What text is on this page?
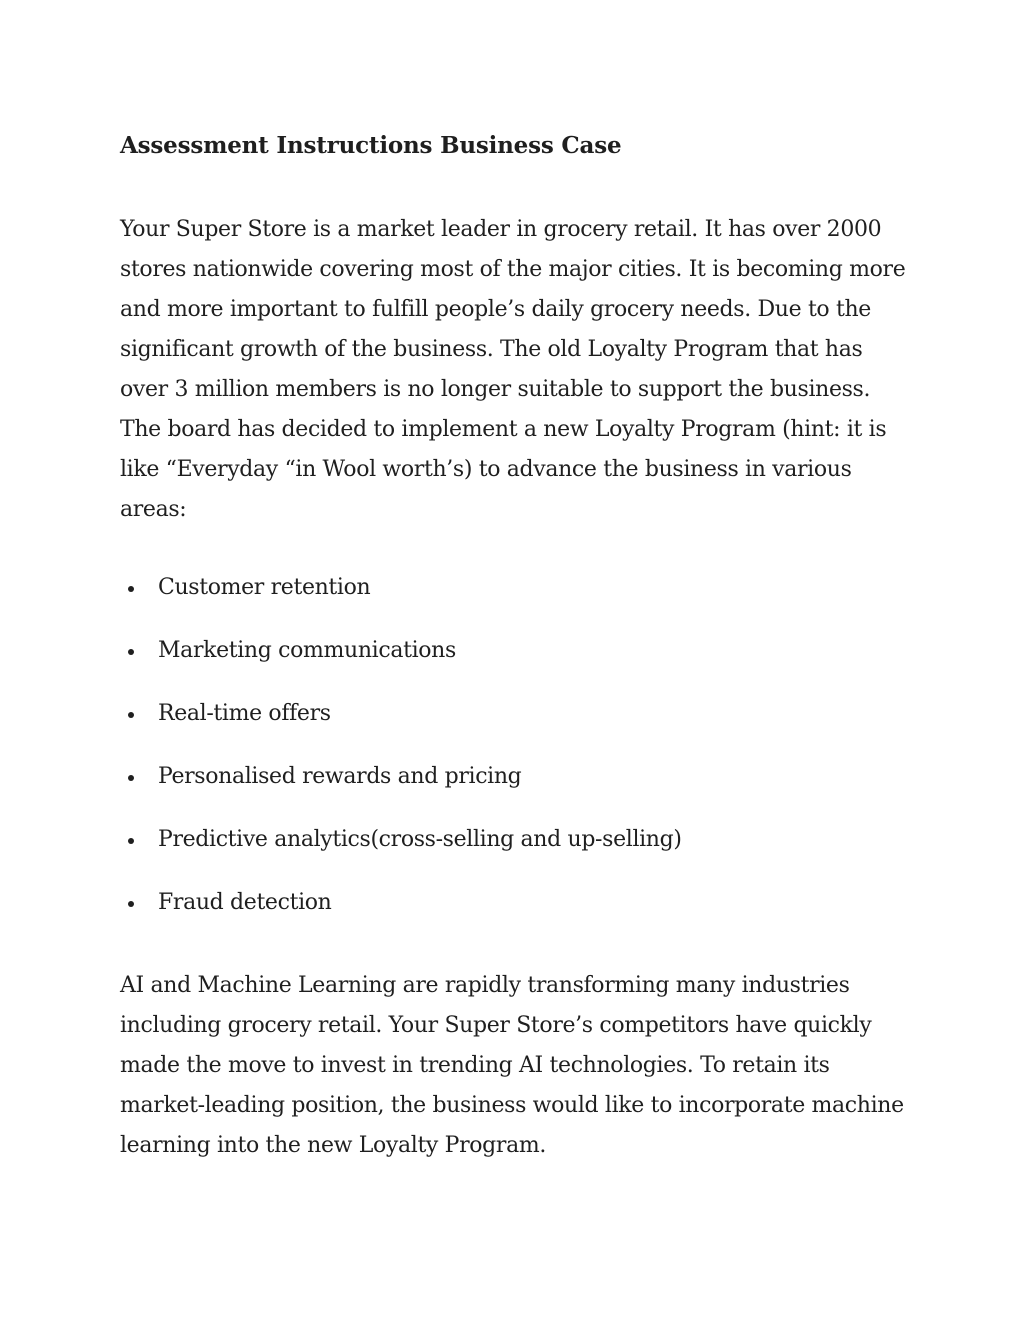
Assessment Instructions Business Case

Your Super Store is a market leader in grocery retail. It has over 2000 stores nationwide covering most of the major cities. It is becoming more and more important to fulfill people’s daily grocery needs. Due to the significant growth of the business. The old Loyalty Program that has over 3 million members is no longer suitable to support the business. The board has decided to implement a new Loyalty Program (hint: it is like “Everyday “in Wool worth’s) to advance the business in various areas:

Customer retention
Marketing communications
Real-time offers
Personalised rewards and pricing
Predictive analytics(cross-selling and up-selling)
Fraud detection

AI and Machine Learning are rapidly transforming many industries including grocery retail. Your Super Store’s competitors have quickly made the move to invest in trending AI technologies. To retain its market-leading position, the business would like to incorporate machine learning into the new Loyalty Program.
